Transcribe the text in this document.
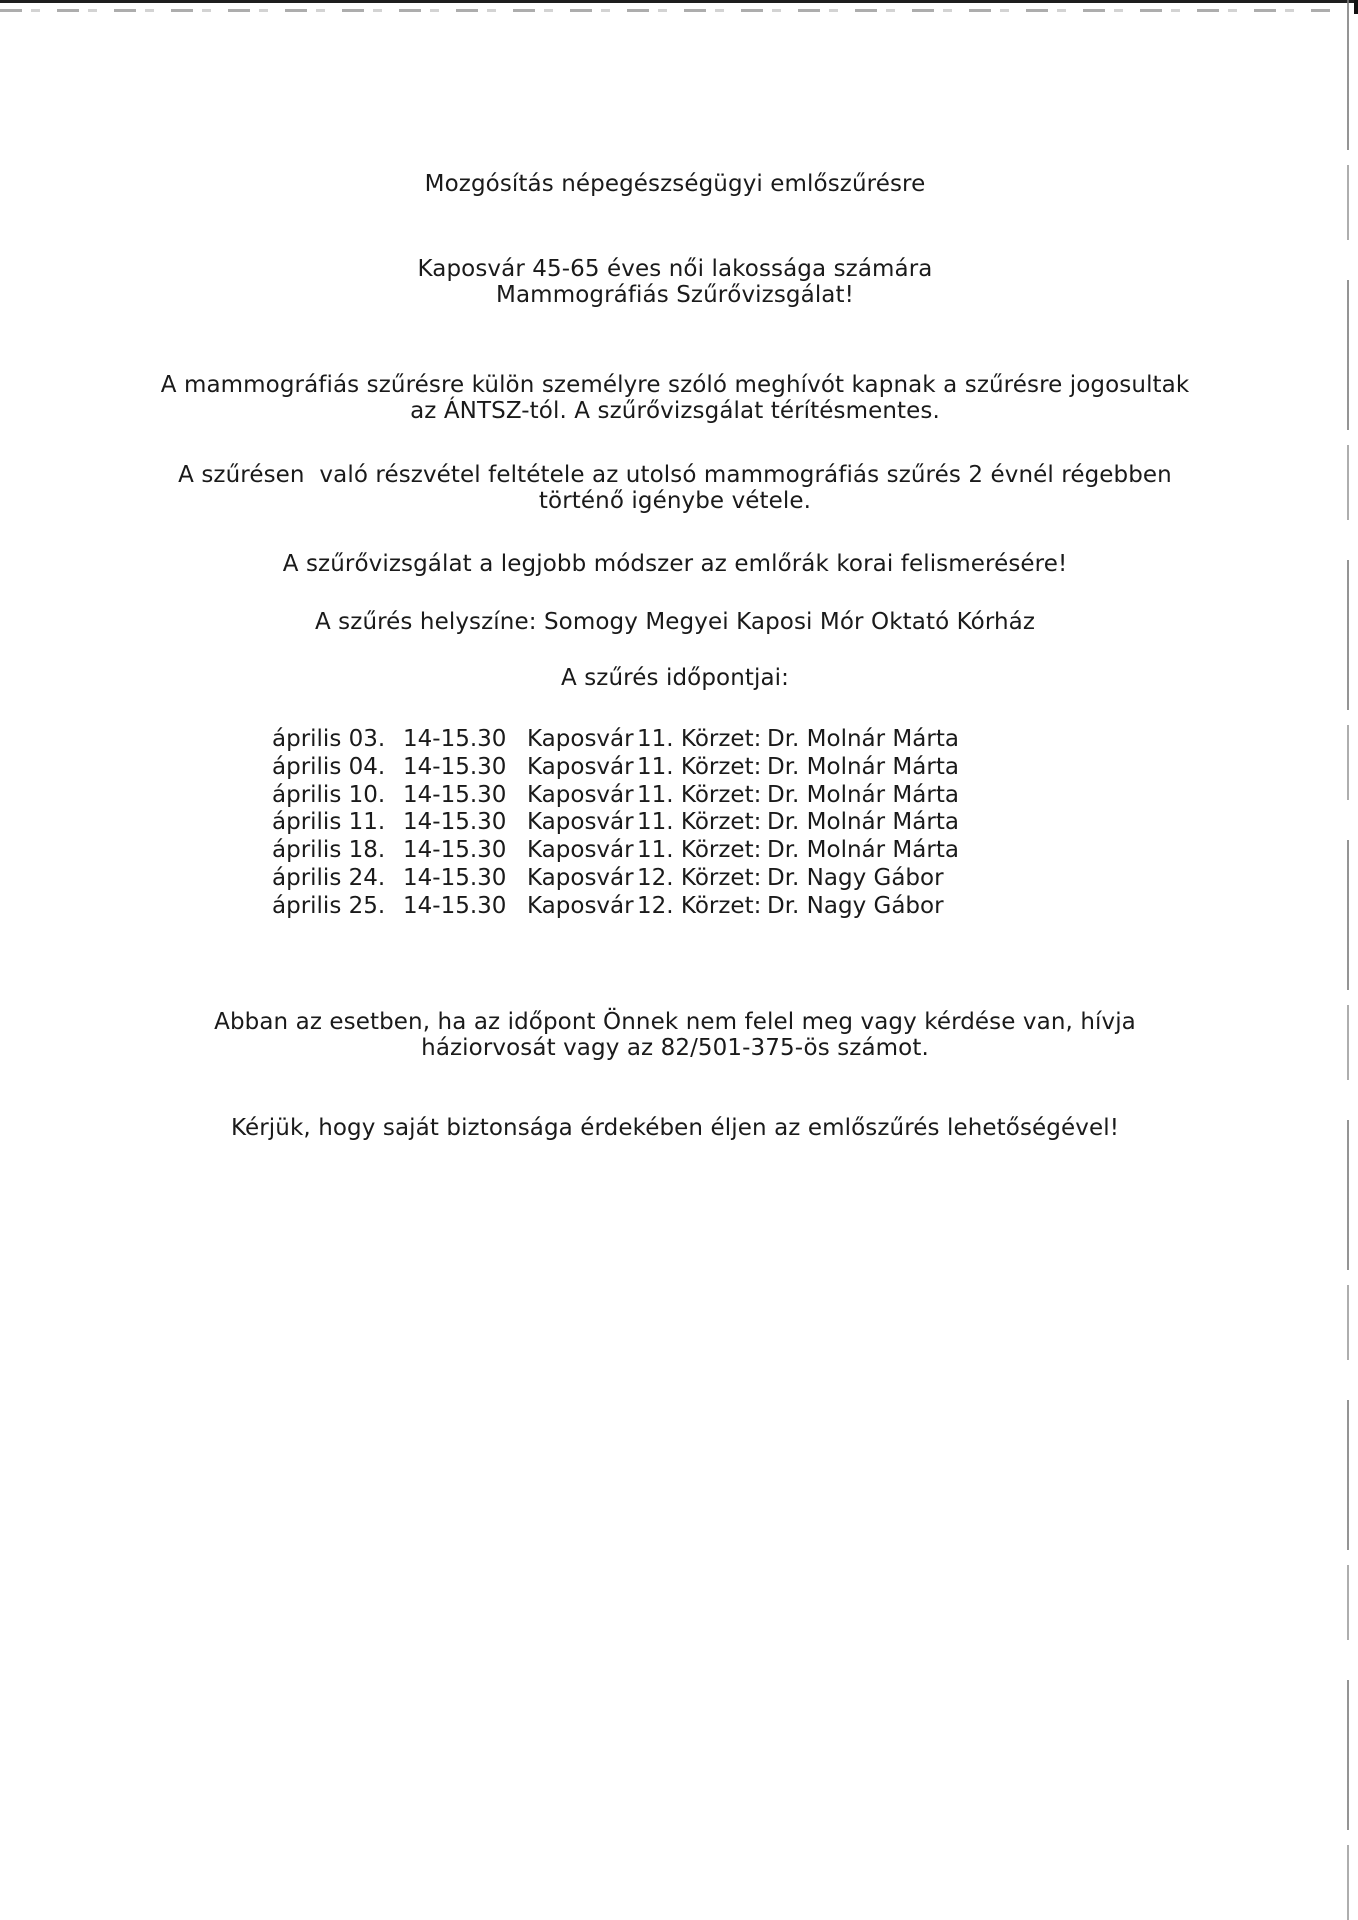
Mozgósítás népegészségügyi emlőszűrésre

Kaposvár 45-65 éves női lakossága számára
Mammográfiás Szűrővizsgálat!

A mammográfiás szűrésre külön személyre szóló meghívót kapnak a szűrésre jogosultak
az ÁNTSZ-tól. A szűrővizsgálat térítésmentes.

A szűrésen  való részvétel feltétele az utolsó mammográfiás szűrés 2 évnél régebben
történő igénybe vétele.

A szűrővizsgálat a legjobb módszer az emlőrák korai felismerésére!

A szűrés helyszíne: Somogy Megyei Kaposi Mór Oktató Kórház

A szűrés időpontjai:

április 03.	14-15.30	Kaposvár	11. Körzet:	Dr. Molnár Márta
április 04.	14-15.30	Kaposvár	11. Körzet:	Dr. Molnár Márta
április 10.	14-15.30	Kaposvár	11. Körzet:	Dr. Molnár Márta
április 11.	14-15.30	Kaposvár	11. Körzet:	Dr. Molnár Márta
április 18.	14-15.30	Kaposvár	11. Körzet:	Dr. Molnár Márta
április 24.	14-15.30	Kaposvár	12. Körzet:	Dr. Nagy Gábor
április 25.	14-15.30	Kaposvár	12. Körzet:	Dr. Nagy Gábor

Abban az esetben, ha az időpont Önnek nem felel meg vagy kérdése van, hívja
háziorvosát vagy az 82/501-375-ös számot.

Kérjük, hogy saját biztonsága érdekében éljen az emlőszűrés lehetőségével!
